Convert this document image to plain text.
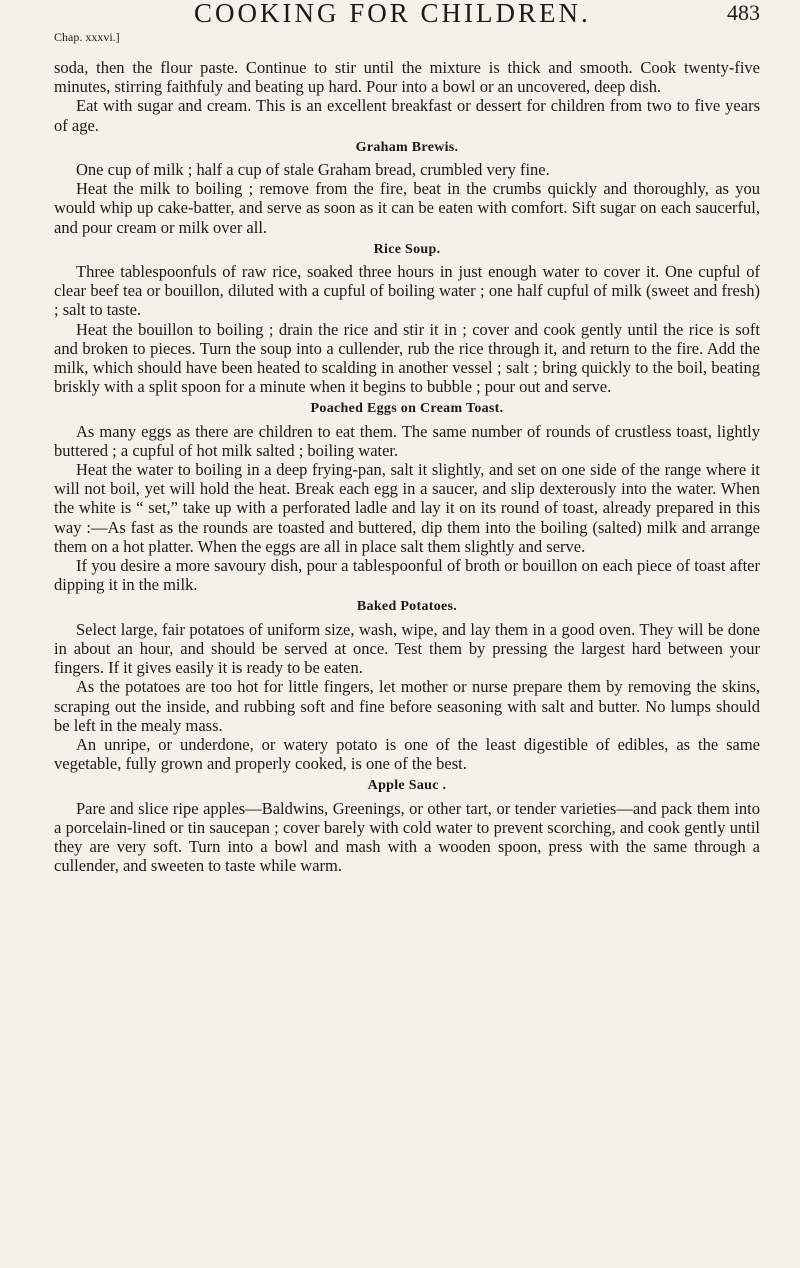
COOKING FOR CHILDREN.	483
Chap. xxxvi.]

soda, then the flour paste. Continue to stir until the mixture is thick and smooth. Cook twenty-five minutes, stirring faithfuly and beating up hard. Pour into a bowl or an uncovered, deep dish.

Eat with sugar and cream. This is an excellent breakfast or dessert for children from two to five years of age.

Graham Brewis.

One cup of milk ; half a cup of stale Graham bread, crumbled very fine.

Heat the milk to boiling ; remove from the fire, beat in the crumbs quickly and thoroughly, as you would whip up cake-batter, and serve as soon as it can be eaten with comfort. Sift sugar on each saucerful, and pour cream or milk over all.

Rice Soup.

Three tablespoonfuls of raw rice, soaked three hours in just enough water to cover it. One cupful of clear beef tea or bouillon, diluted with a cupful of boiling water ; one half cupful of milk (sweet and fresh) ; salt to taste.

Heat the bouillon to boiling ; drain the rice and stir it in ; cover and cook gently until the rice is soft and broken to pieces. Turn the soup into a cullender, rub the rice through it, and return to the fire. Add the milk, which should have been heated to scalding in another vessel ; salt ; bring quickly to the boil, beating briskly with a split spoon for a minute when it begins to bubble ; pour out and serve.

Poached Eggs on Cream Toast.

As many eggs as there are children to eat them. The same number of rounds of crustless toast, lightly buttered ; a cupful of hot milk salted ; boiling water.

Heat the water to boiling in a deep frying-pan, salt it slightly, and set on one side of the range where it will not boil, yet will hold the heat. Break each egg in a saucer, and slip dexterously into the water. When the white is “ set,” take up with a perforated ladle and lay it on its round of toast, already prepared in this way :—As fast as the rounds are toasted and buttered, dip them into the boiling (salted) milk and arrange them on a hot platter. When the eggs are all in place salt them slightly and serve.

If you desire a more savoury dish, pour a tablespoonful of broth or bouillon on each piece of toast after dipping it in the milk.

Baked Potatoes.

Select large, fair potatoes of uniform size, wash, wipe, and lay them in a good oven. They will be done in about an hour, and should be served at once. Test them by pressing the largest hard between your fingers. If it gives easily it is ready to be eaten.

As the potatoes are too hot for little fingers, let mother or nurse prepare them by removing the skins, scraping out the inside, and rubbing soft and fine before seasoning with salt and butter. No lumps should be left in the mealy mass.

An unripe, or underdone, or watery potato is one of the least digestible of edibles, as the same vegetable, fully grown and properly cooked, is one of the best.

Apple Sauc .

Pare and slice ripe apples—Baldwins, Greenings, or other tart, or tender varieties—and pack them into a porcelain-lined or tin saucepan ; cover barely with cold water to prevent scorching, and cook gently until they are very soft. Turn into a bowl and mash with a wooden spoon, press with the same through a cullender, and sweeten to taste while warm.
